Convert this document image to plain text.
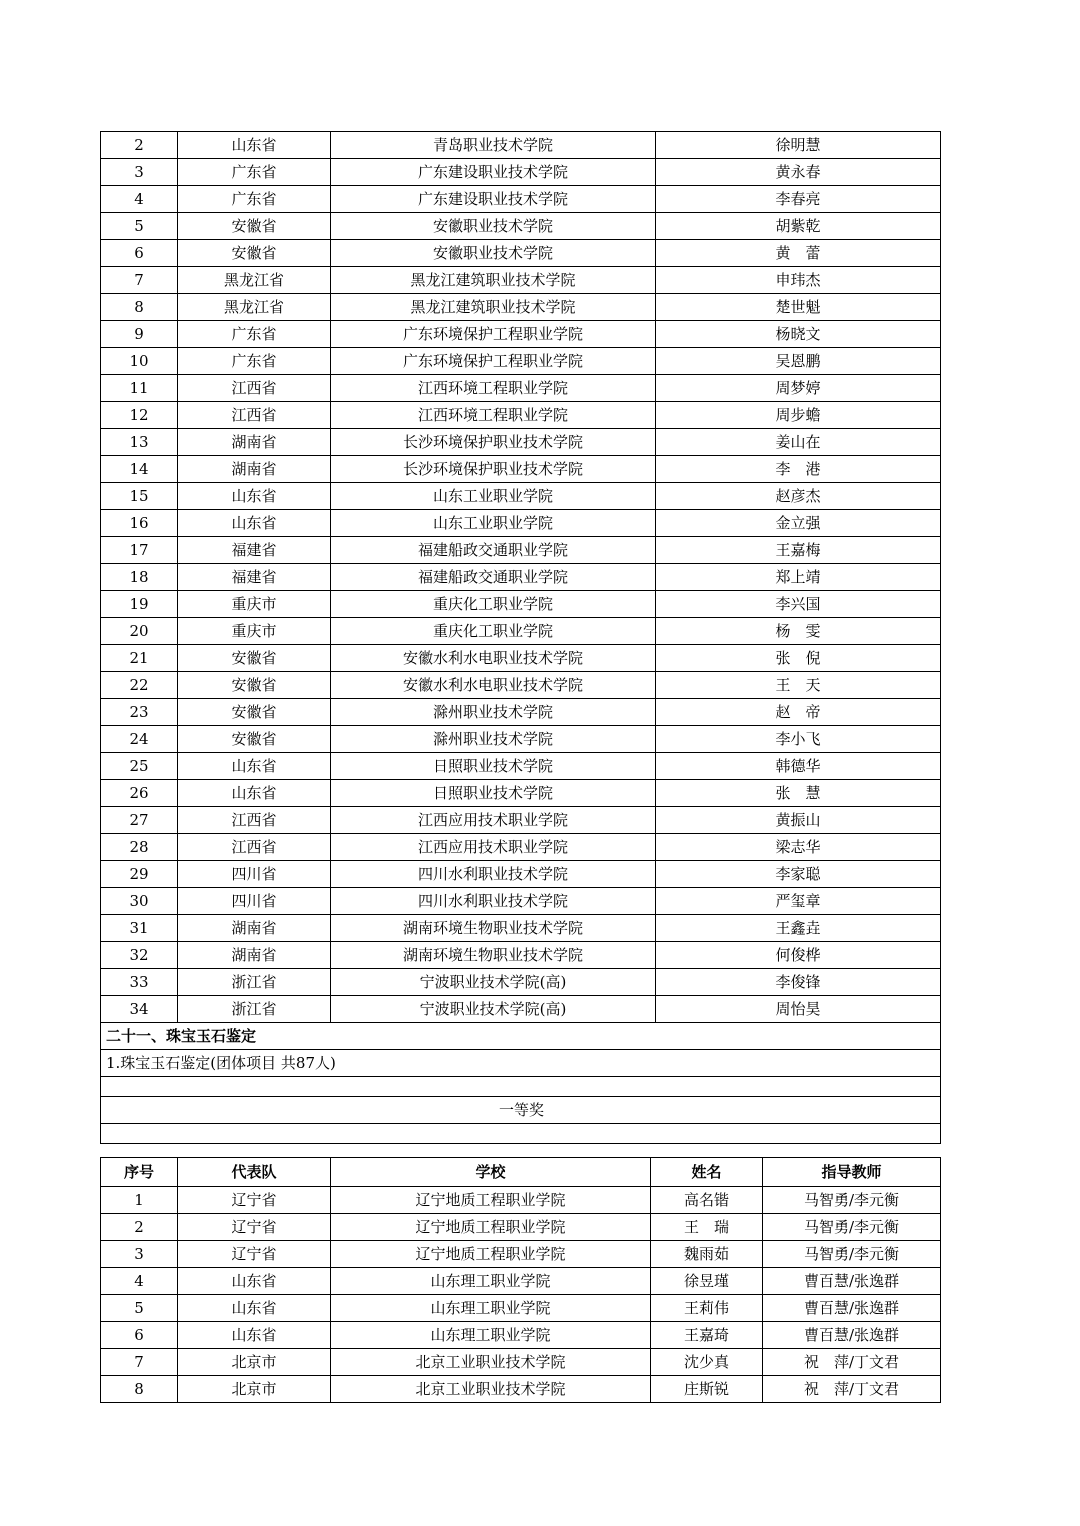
2	山东省	青岛职业技术学院	徐明慧
3	广东省	广东建设职业技术学院	黄永春
4	广东省	广东建设职业技术学院	李春亮
5	安徽省	安徽职业技术学院	胡紫乾
6	安徽省	安徽职业技术学院	黄　蕾
7	黑龙江省	黑龙江建筑职业技术学院	申玮杰
8	黑龙江省	黑龙江建筑职业技术学院	楚世魁
9	广东省	广东环境保护工程职业学院	杨晓文
10	广东省	广东环境保护工程职业学院	吴恩鹏
11	江西省	江西环境工程职业学院	周梦婷
12	江西省	江西环境工程职业学院	周步蟾
13	湖南省	长沙环境保护职业技术学院	姜山在
14	湖南省	长沙环境保护职业技术学院	李　港
15	山东省	山东工业职业学院	赵彦杰
16	山东省	山东工业职业学院	金立强
17	福建省	福建船政交通职业学院	王嘉梅
18	福建省	福建船政交通职业学院	郑上靖
19	重庆市	重庆化工职业学院	李兴国
20	重庆市	重庆化工职业学院	杨　雯
21	安徽省	安徽水利水电职业技术学院	张　倪
22	安徽省	安徽水利水电职业技术学院	王　天
23	安徽省	滁州职业技术学院	赵　帝
24	安徽省	滁州职业技术学院	李小飞
25	山东省	日照职业技术学院	韩德华
26	山东省	日照职业技术学院	张　慧
27	江西省	江西应用技术职业学院	黄振山
28	江西省	江西应用技术职业学院	梁志华
29	四川省	四川水利职业技术学院	李家聪
30	四川省	四川水利职业技术学院	严玺章
31	湖南省	湖南环境生物职业技术学院	王鑫垚
32	湖南省	湖南环境生物职业技术学院	何俊桦
33	浙江省	宁波职业技术学院(高)	李俊锋
34	浙江省	宁波职业技术学院(高)	周怡昊
二十一、珠宝玉石鉴定
1.珠宝玉石鉴定(团体项目 共87人)

一等奖

序号	代表队	学校	姓名	指导教师
1	辽宁省	辽宁地质工程职业学院	高名锴	马智勇/李元衡
2	辽宁省	辽宁地质工程职业学院	王　瑞	马智勇/李元衡
3	辽宁省	辽宁地质工程职业学院	魏雨茹	马智勇/李元衡
4	山东省	山东理工职业学院	徐昱瑾	曹百慧/张逸群
5	山东省	山东理工职业学院	王莉伟	曹百慧/张逸群
6	山东省	山东理工职业学院	王嘉琦	曹百慧/张逸群
7	北京市	北京工业职业技术学院	沈少真	祝　萍/丁文君
8	北京市	北京工业职业技术学院	庄斯锐	祝　萍/丁文君
